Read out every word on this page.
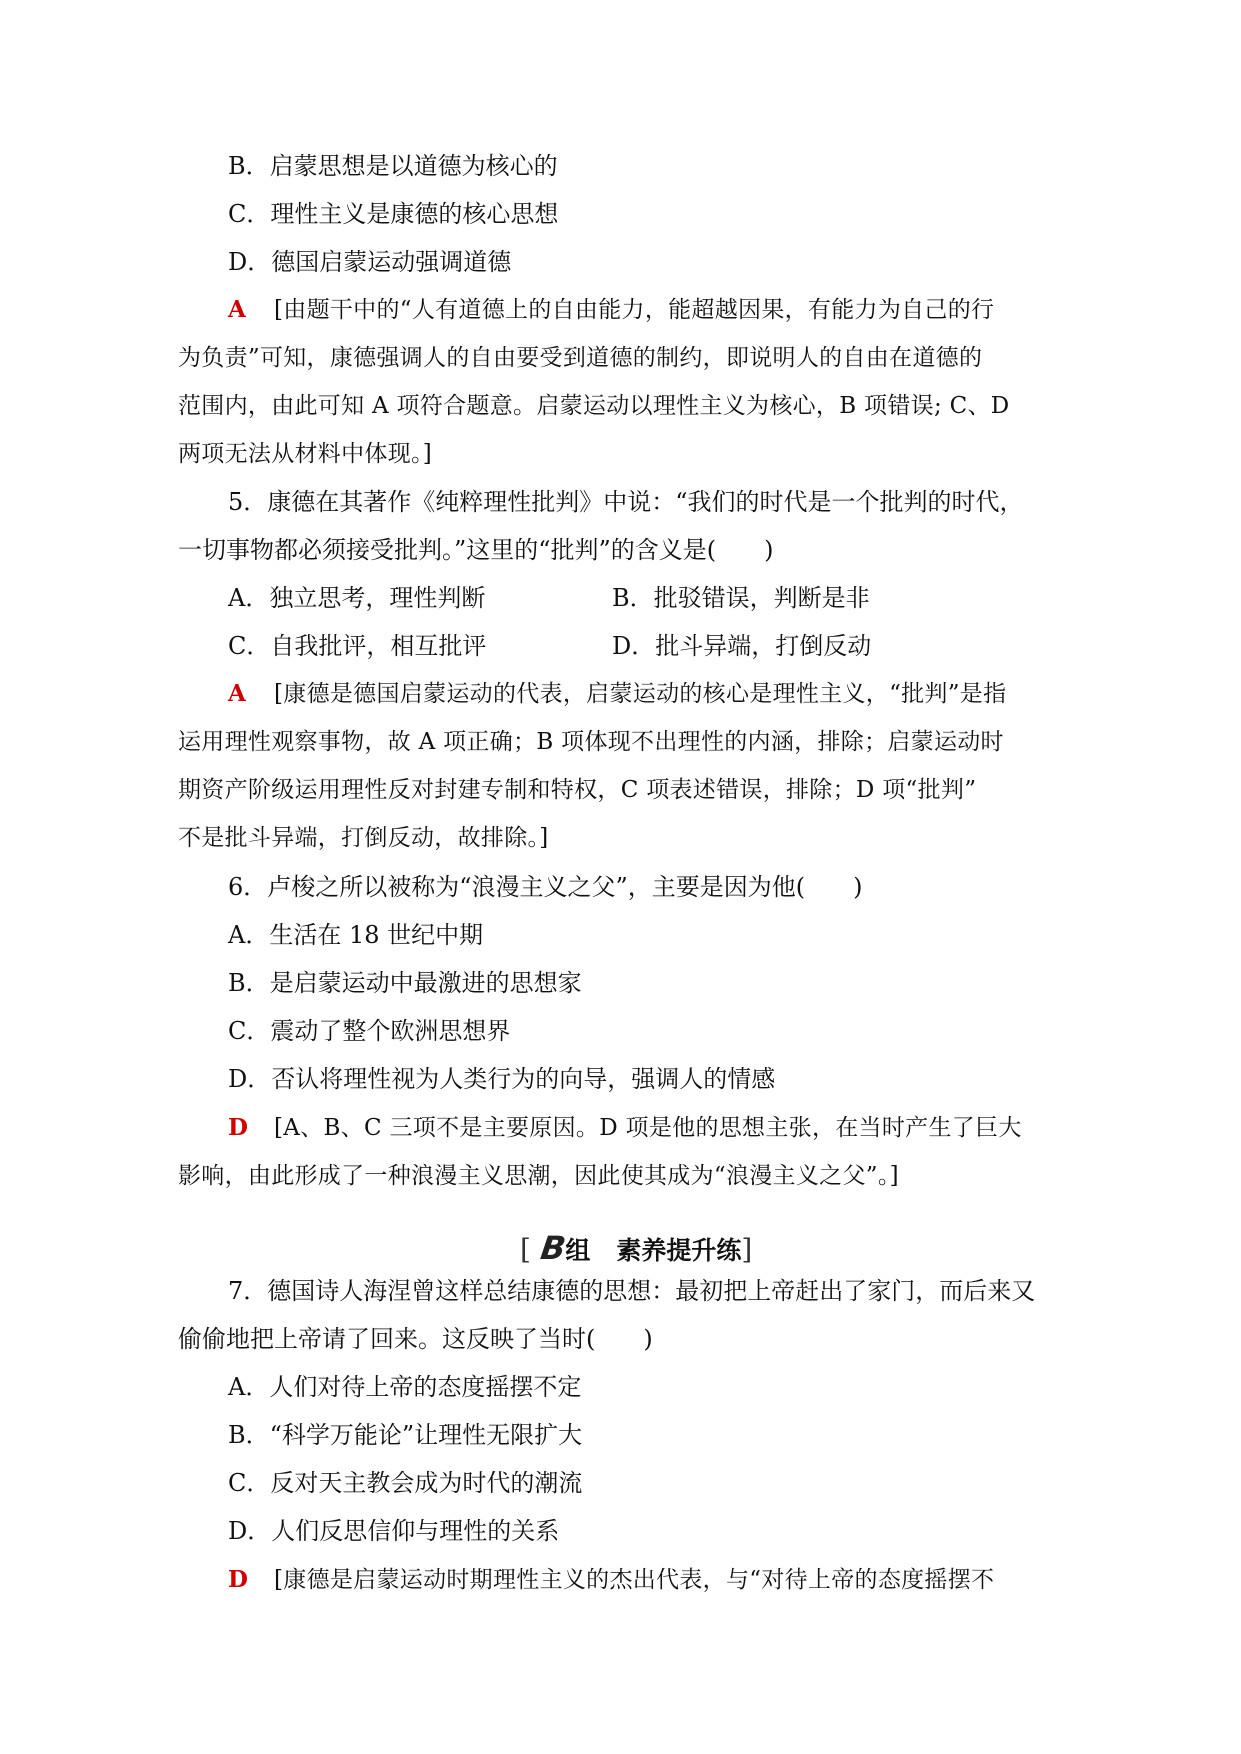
B．启蒙思想是以道德为核心的
C．理性主义是康德的核心思想
D．德国启蒙运动强调道德
A [由题干中的“人有道德上的自由能力，能超越因果，有能力为自己的行
为负责”可知，康德强调人的自由要受到道德的制约，即说明人的自由在道德的
范围内，由此可知 A 项符合题意。启蒙运动以理性主义为核心，B 项错误; C、D
两项无法从材料中体现。]
5．康德在其著作《纯粹理性批判》中说：“我们的时代是一个批判的时代，
一切事物都必须接受批判。”这里的“批判”的含义是(　　)
A．独立思考，理性判断	B．批驳错误，判断是非
C．自我批评，相互批评	D．批斗异端，打倒反动
A [康德是德国启蒙运动的代表，启蒙运动的核心是理性主义，“批判”是指
运用理性观察事物，故 A 项正确；B 项体现不出理性的内涵，排除；启蒙运动时
期资产阶级运用理性反对封建专制和特权，C 项表述错误，排除；D 项“批判”
不是批斗异端，打倒反动，故排除。]
6．卢梭之所以被称为“浪漫主义之父”，主要是因为他(　　)
A．生活在 18 世纪中期
B．是启蒙运动中最激进的思想家
C．震动了整个欧洲思想界
D．否认将理性视为人类行为的向导，强调人的情感
D [A、B、C 三项不是主要原因。D 项是他的思想主张，在当时产生了巨大
影响，由此形成了一种浪漫主义思潮，因此使其成为“浪漫主义之父”。]
[ B组 素养提升练]
7．德国诗人海涅曾这样总结康德的思想：最初把上帝赶出了家门，而后来又
偷偷地把上帝请了回来。这反映了当时(　　)
A．人们对待上帝的态度摇摆不定
B．“科学万能论”让理性无限扩大
C．反对天主教会成为时代的潮流
D．人们反思信仰与理性的关系
D [康德是启蒙运动时期理性主义的杰出代表，与“对待上帝的态度摇摆不
